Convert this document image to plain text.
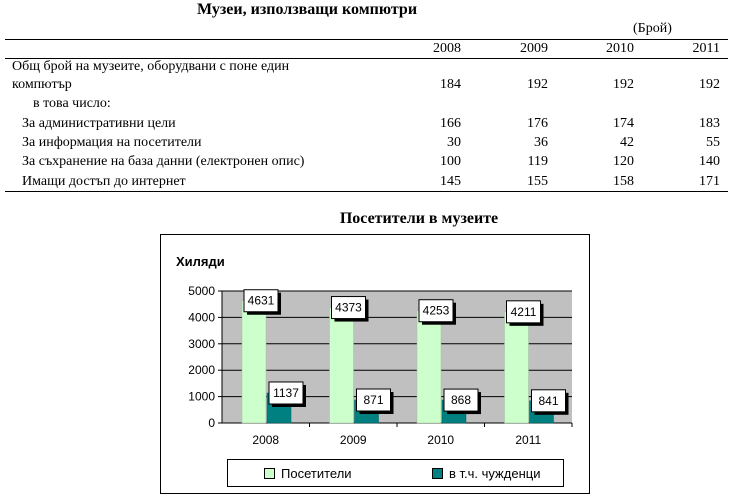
Музеи, използващи компютри
(Брой)
2008	2009	2010	2011
Общ брой на музеите, оборудвани с поне един
компютър	184	192	192	192
в това число:
За административни цели	166	176	174	183
За информация на посетители	30	36	42	55
За съхранение на база данни (електронен опис)	100	119	120	140
Имащи достъп до интернет	145	155	158	171
Посетители в музеите
Хиляди
0
1000
2000
3000
4000
5000
2008
4631
1137
2009
4373
871
2010
4253
868
2011
4211
841
Посетители	в т.ч. чужденци
